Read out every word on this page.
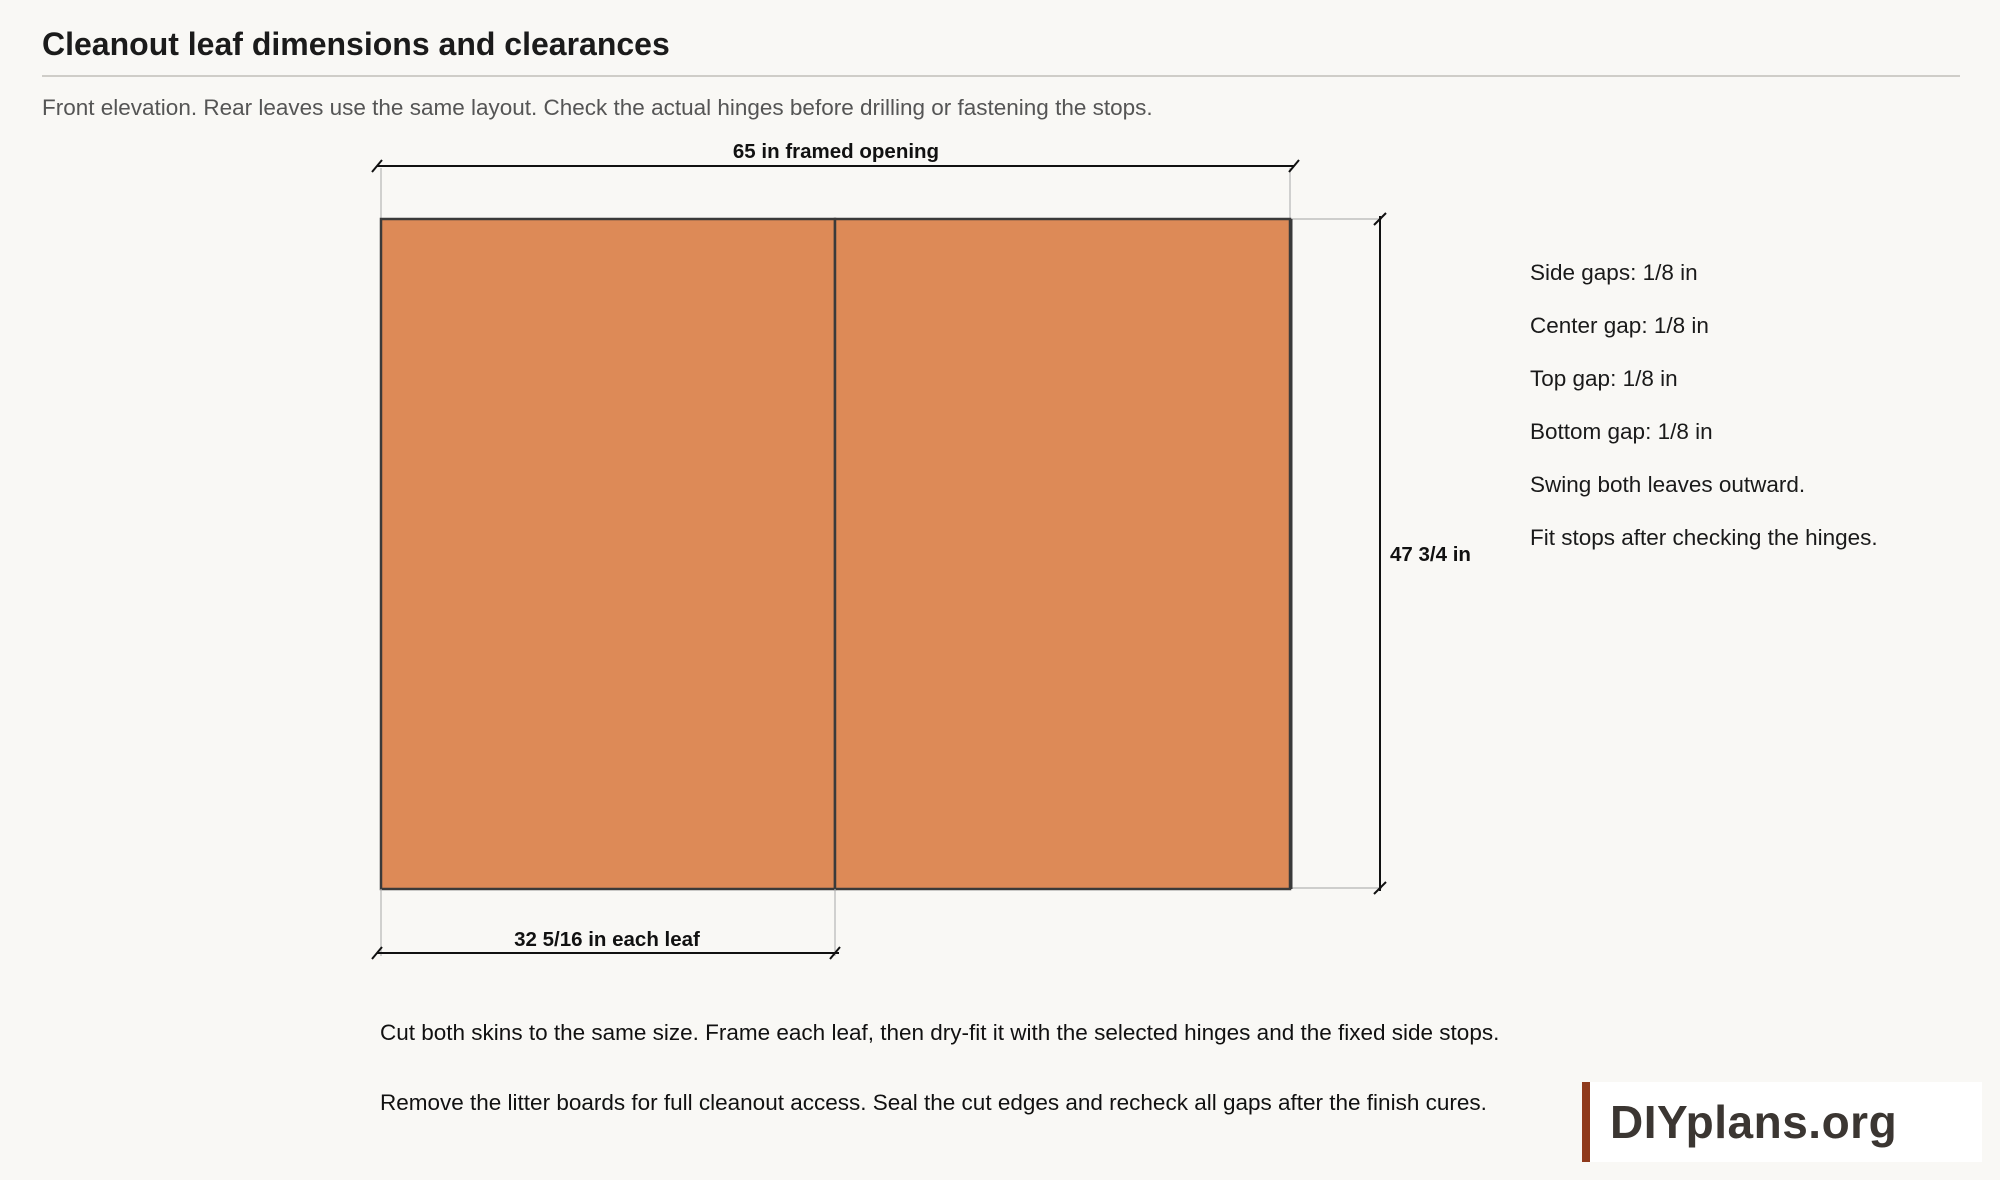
Cleanout leaf dimensions and clearances
Front elevation. Rear leaves use the same layout. Check the actual hinges before drilling or fastening the stops.
65 in framed opening
47 3/4 in
32 5/16 in each leaf
Side gaps: 1/8 in
Center gap: 1/8 in
Top gap: 1/8 in
Bottom gap: 1/8 in
Swing both leaves outward.
Fit stops after checking the hinges.
Cut both skins to the same size. Frame each leaf, then dry-fit it with the selected hinges and the fixed side stops.
Remove the litter boards for full cleanout access. Seal the cut edges and recheck all gaps after the finish cures.	DIYplans.org
